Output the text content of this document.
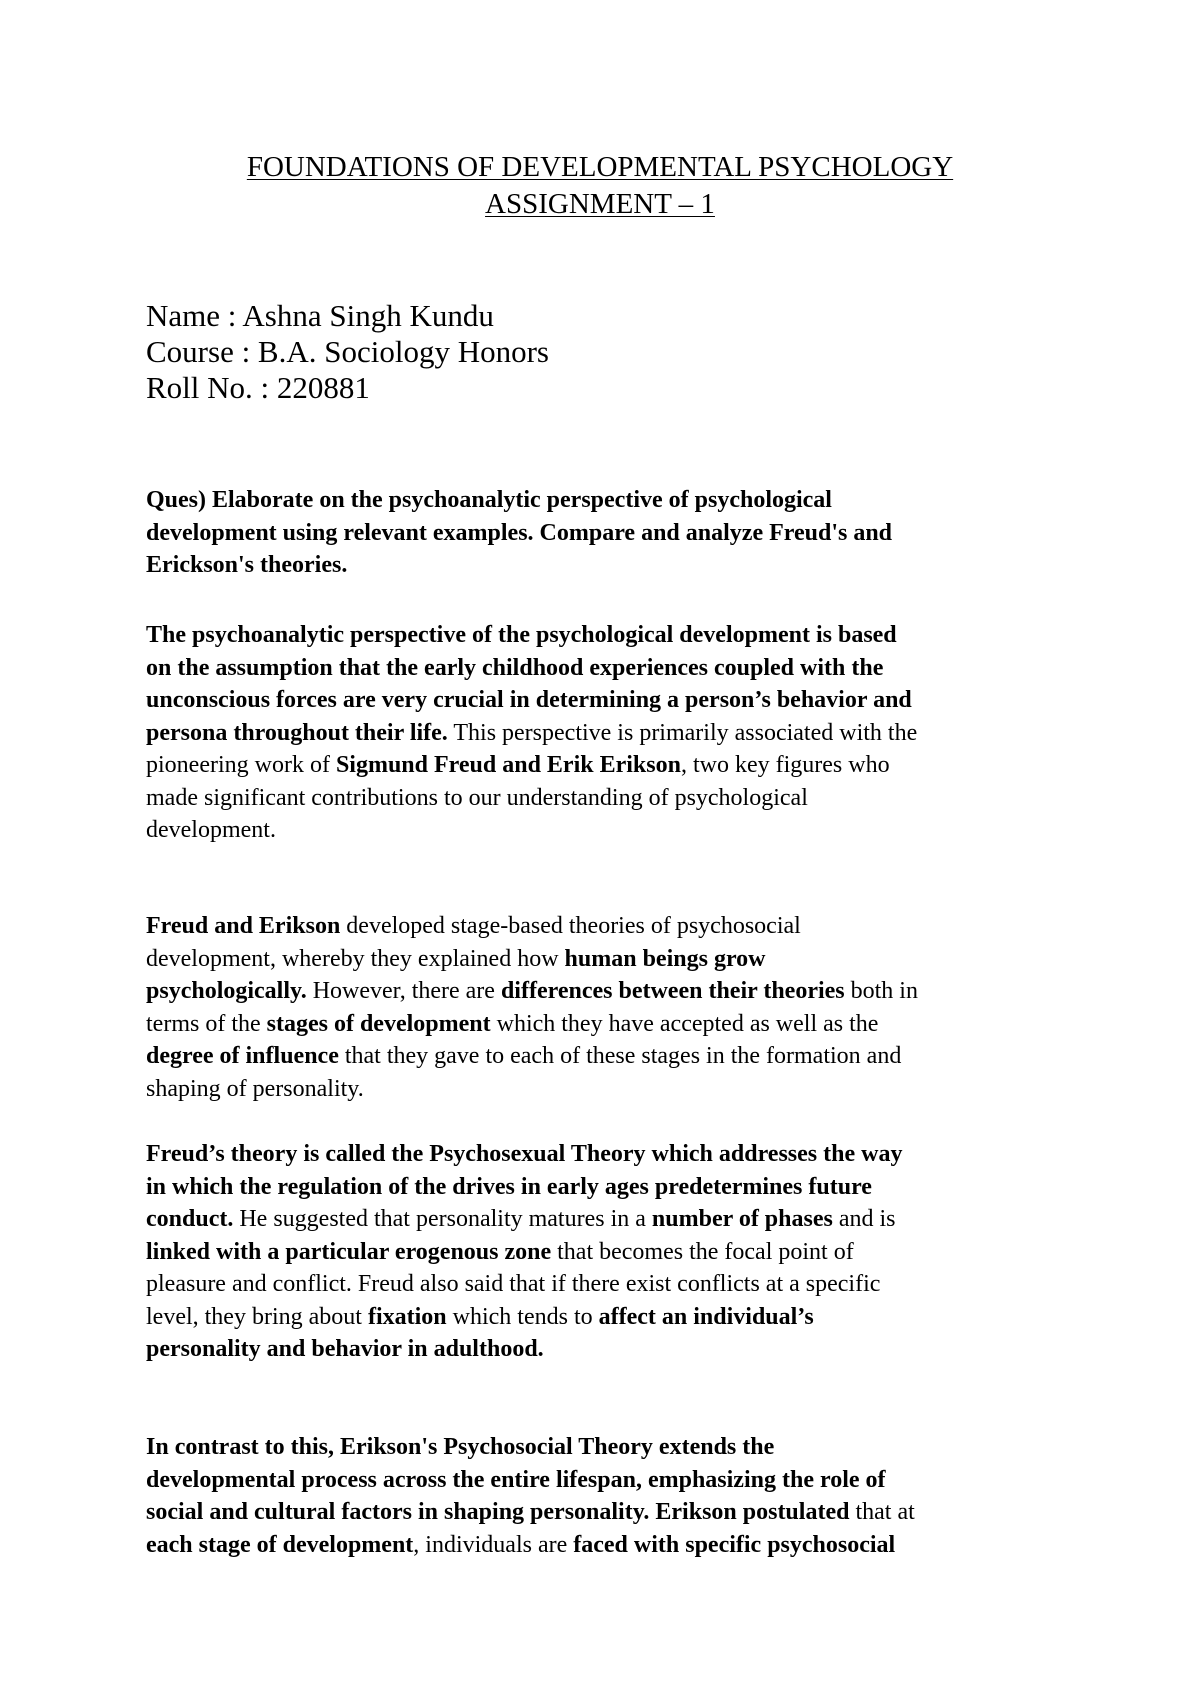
FOUNDATIONS OF DEVELOPMENTAL PSYCHOLOGY
ASSIGNMENT – 1
Name : Ashna Singh Kundu
Course : B.A. Sociology Honors
Roll No. : 220881
Ques) Elaborate on the psychoanalytic perspective of psychological
development using relevant examples. Compare and analyze Freud's and
Erickson's theories.
The psychoanalytic perspective of the psychological development is based
on the assumption that the early childhood experiences coupled with the
unconscious forces are very crucial in determining a person’s behavior and
persona throughout their life. This perspective is primarily associated with the
pioneering work of Sigmund Freud and Erik Erikson, two key figures who
made significant contributions to our understanding of psychological
development.
Freud and Erikson developed stage-based theories of psychosocial
development, whereby they explained how human beings grow
psychologically. However, there are differences between their theories both in
terms of the stages of development which they have accepted as well as the
degree of influence that they gave to each of these stages in the formation and
shaping of personality.
Freud’s theory is called the Psychosexual Theory which addresses the way
in which the regulation of the drives in early ages predetermines future
conduct. He suggested that personality matures in a number of phases and is
linked with a particular erogenous zone that becomes the focal point of
pleasure and conflict. Freud also said that if there exist conflicts at a specific
level, they bring about fixation which tends to affect an individual’s
personality and behavior in adulthood.
In contrast to this, Erikson's Psychosocial Theory extends the
developmental process across the entire lifespan, emphasizing the role of
social and cultural factors in shaping personality. Erikson postulated that at
each stage of development, individuals are faced with specific psychosocial
